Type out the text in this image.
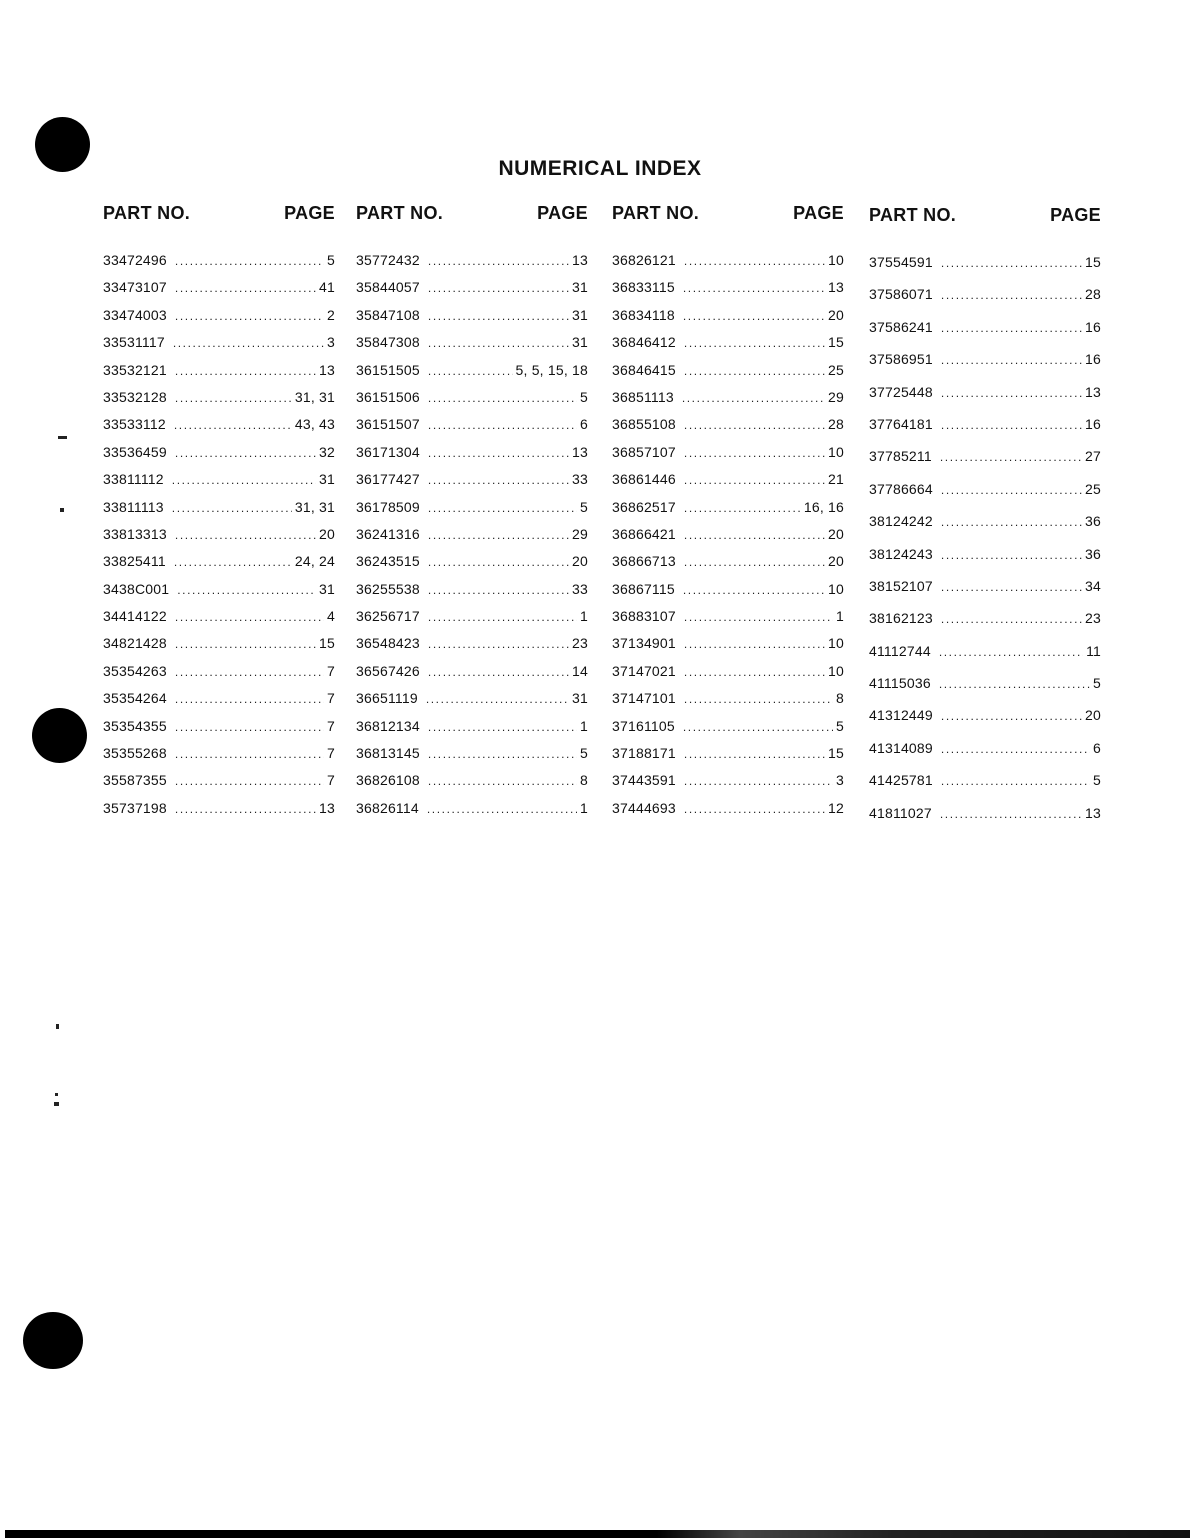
NUMERICAL INDEX
PART NO.	PAGE
33472496 .....	5
33473107 .....	41
33474003 .....	2
33531117 .....	3
33532121 .....	13
33532128 .....	31, 31
33533112 .....	43, 43
33536459 .....	32
33811112 .....	31
33811113 .....	31, 31
33813313 .....	20
33825411 .....	24, 24
3438C001 .....	31
34414122 .....	4
34821428 .....	15
35354263 .....	7
35354264 .....	7
35354355 .....	7
35355268 .....	7
35587355 .....	7
35737198 .....	13
PART NO.	PAGE
35772432 .....	13
35844057 .....	31
35847108 .....	31
35847308 .....	31
36151505 .....	5, 5, 15, 18
36151506 .....	5
36151507 .....	6
36171304 .....	13
36177427 .....	33
36178509 .....	5
36241316 .....	29
36243515 .....	20
36255538 .....	33
36256717 .....	1
36548423 .....	23
36567426 .....	14
36651119 .....	31
36812134 .....	1
36813145 .....	5
36826108 .....	8
36826114 .....	1
PART NO.	PAGE
36826121 .....	10
36833115 .....	13
36834118 .....	20
36846412 .....	15
36846415 .....	25
36851113 .....	29
36855108 .....	28
36857107 .....	10
36861446 .....	21
36862517 .....	16, 16
36866421 .....	20
36866713 .....	20
36867115 .....	10
36883107 .....	1
37134901 .....	10
37147021 .....	10
37147101 .....	8
37161105 .....	5
37188171 .....	15
37443591 .....	3
37444693 .....	12
PART NO.	PAGE
37554591 .....	15
37586071 .....	28
37586241 .....	16
37586951 .....	16
37725448 .....	13
37764181 .....	16
37785211 .....	27
37786664 .....	25
38124242 .....	36
38124243 .....	36
38152107 .....	34
38162123 .....	23
41112744 .....	11
41115036 .....	5
41312449 .....	20
41314089 .....	6
41425781 .....	5
41811027 .....	13
